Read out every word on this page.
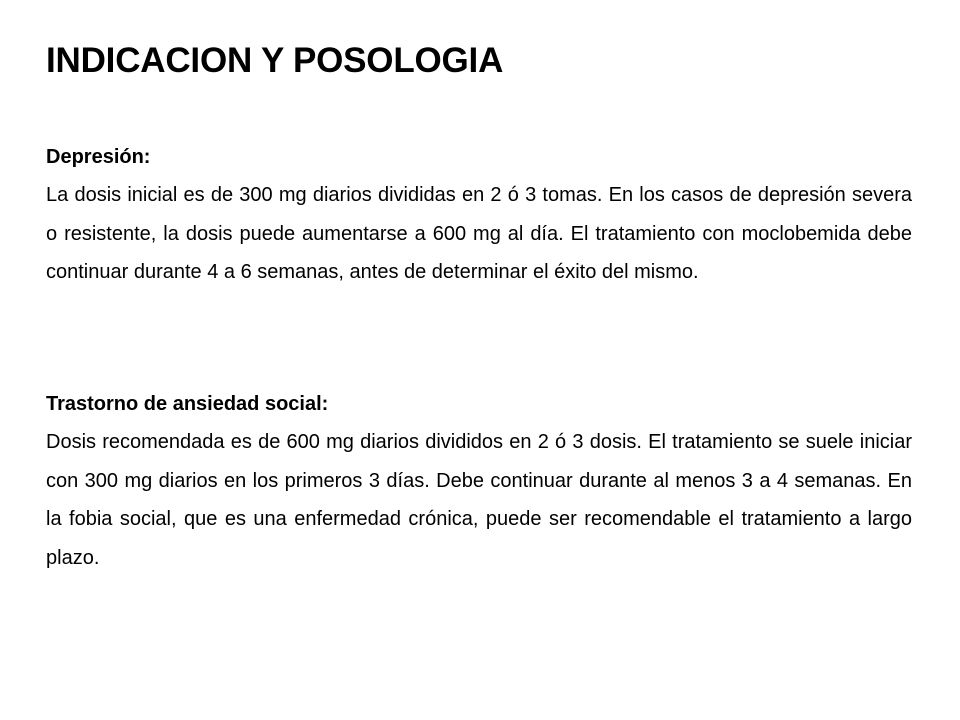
INDICACION Y POSOLOGIA

Depresión:

La dosis inicial es de 300 mg diarios divididas en 2 ó 3 tomas. En los casos de depresión severa o resistente, la dosis puede aumentarse a 600 mg al día. El tratamiento con moclobemida debe continuar durante 4 a 6 semanas, antes de determinar el éxito del mismo.

Trastorno de ansiedad social:

Dosis recomendada es de 600 mg diarios divididos en 2 ó 3 dosis. El tratamiento se suele iniciar con 300 mg diarios en los primeros 3 días. Debe continuar durante al menos 3 a 4 semanas. En la fobia social, que es una enfermedad crónica, puede ser recomendable el tratamiento a largo plazo.
